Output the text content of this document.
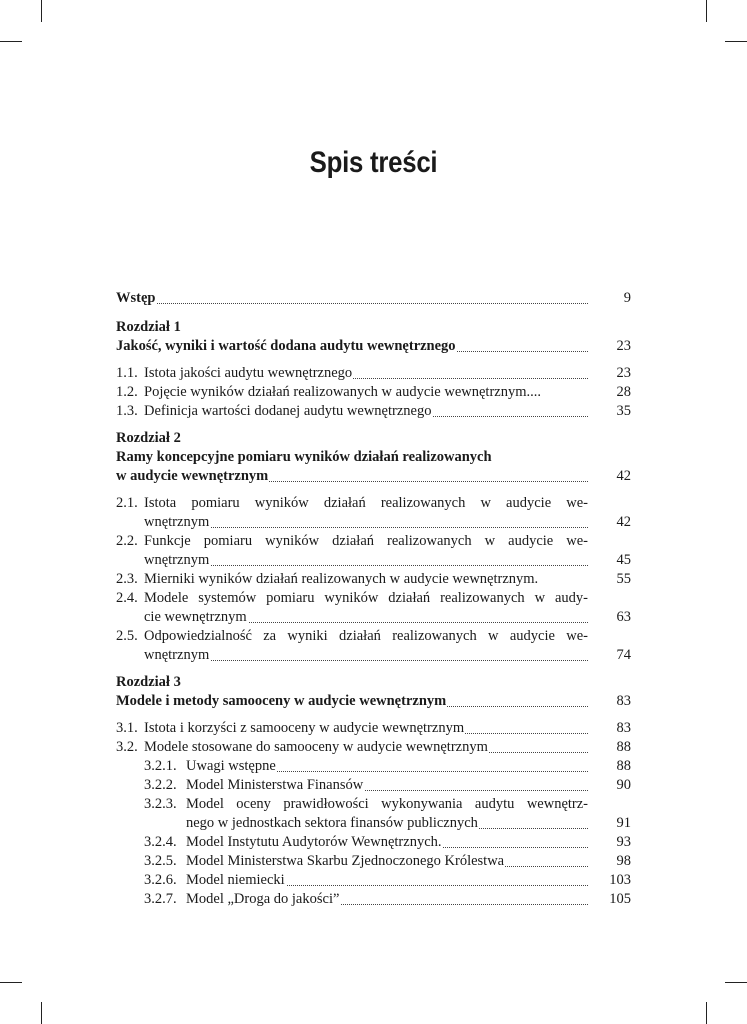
Spis treści
Wstęp	9
Rozdział 1
Jakość, wyniki i wartość dodana audytu wewnętrznego	23
1.1. Istota jakości audytu wewnętrznego	23
1.2. Pojęcie wyników działań realizowanych w audycie wewnętrznym....	28
1.3. Definicja wartości dodanej audytu wewnętrznego	35
Rozdział 2
Ramy koncepcyjne pomiaru wyników działań realizowanych
w audycie wewnętrznym	42
2.1. Istota pomiaru wyników działań realizowanych w audycie we-
wnętrznym	42
2.2. Funkcje pomiaru wyników działań realizowanych w audycie we-
wnętrznym	45
2.3. Mierniki wyników działań realizowanych w audycie wewnętrznym.	55
2.4. Modele systemów pomiaru wyników działań realizowanych w audy-
cie wewnętrznym	63
2.5. Odpowiedzialność za wyniki działań realizowanych w audycie we-
wnętrznym	74
Rozdział 3
Modele i metody samooceny w audycie wewnętrznym	83
3.1. Istota i korzyści z samooceny w audycie wewnętrznym	83
3.2. Modele stosowane do samooceny w audycie wewnętrznym	88
3.2.1. Uwagi wstępne	88
3.2.2. Model Ministerstwa Finansów	90
3.2.3. Model oceny prawidłowości wykonywania audytu wewnętrz-
nego w jednostkach sektora finansów publicznych	91
3.2.4. Model Instytutu Audytorów Wewnętrznych.	93
3.2.5. Model Ministerstwa Skarbu Zjednoczonego Królestwa	98
3.2.6. Model niemiecki	103
3.2.7. Model „Droga do jakości”	105
